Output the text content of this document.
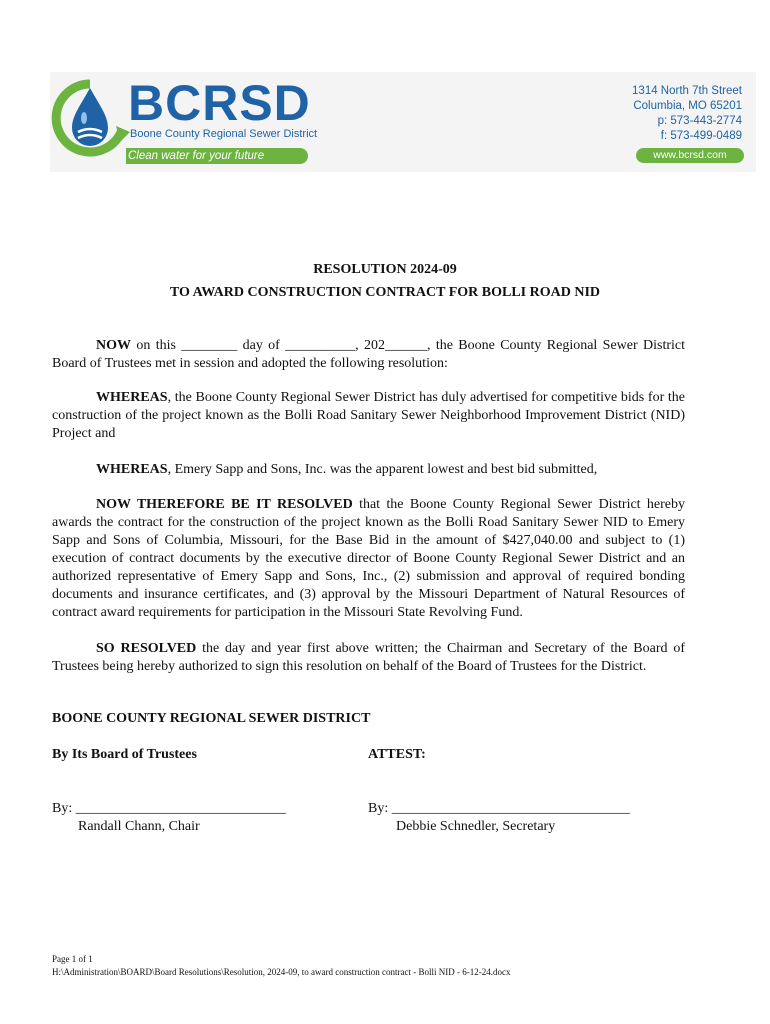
BCRSD
Boone County Regional Sewer District
Clean water for your future
1314 North 7th Street
Columbia, MO 65201
p: 573-443-2774
f: 573-499-0489
www.bcrsd.com
RESOLUTION 2024-09
TO AWARD CONSTRUCTION CONTRACT FOR BOLLI ROAD NID

NOW on this ________ day of __________, 202______, the Boone County Regional Sewer District Board of Trustees met in session and adopted the following resolution:

WHEREAS, the Boone County Regional Sewer District has duly advertised for competitive bids for the construction of the project known as the Bolli Road Sanitary Sewer Neighborhood Improvement District (NID) Project and

WHEREAS, Emery Sapp and Sons, Inc. was the apparent lowest and best bid submitted,

NOW THEREFORE BE IT RESOLVED that the Boone County Regional Sewer District hereby awards the contract for the construction of the project known as the Bolli Road Sanitary Sewer NID to Emery Sapp and Sons of Columbia, Missouri, for the Base Bid in the amount of $427,040.00 and subject to (1) execution of contract documents by the executive director of Boone County Regional Sewer District and an authorized representative of Emery Sapp and Sons, Inc., (2) submission and approval of required bonding documents and insurance certificates, and (3) approval by the Missouri Department of Natural Resources of contract award requirements for participation in the Missouri State Revolving Fund.

SO RESOLVED the day and year first above written; the Chairman and Secretary of the Board of Trustees being hereby authorized to sign this resolution on behalf of the Board of Trustees for the District.

BOONE COUNTY REGIONAL SEWER DISTRICT
By Its Board of Trustees	ATTEST:
By: ______________________________
Randall Chann, Chair
By: __________________________________
Debbie Schnedler, Secretary
Page 1 of 1
H:\Administration\BOARD\Board Resolutions\Resolution, 2024-09, to award construction contract - Bolli NID - 6-12-24.docx
